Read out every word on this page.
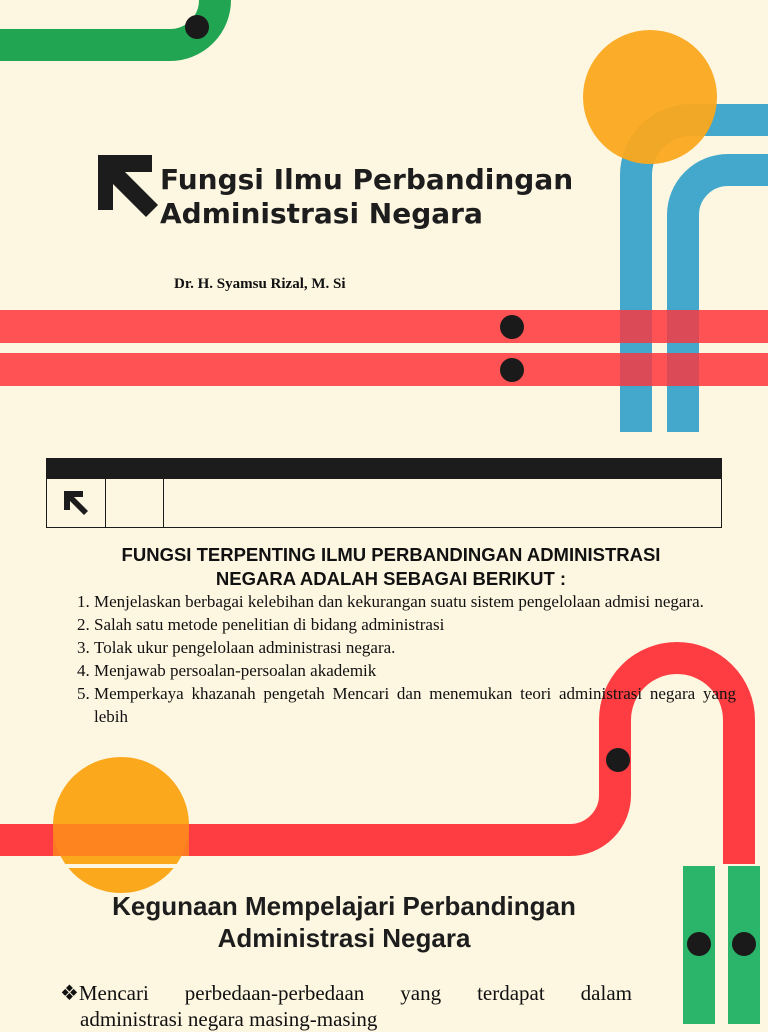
Fungsi Ilmu Perbandingan
Administrasi Negara
Dr. H. Syamsu Rizal, M. Si
FUNGSI TERPENTING ILMU PERBANDINGAN ADMINISTRASI
NEGARA ADALAH SEBAGAI BERIKUT :
1. Menjelaskan berbagai kelebihan dan kekurangan suatu sistem pengelolaan admisi negara.
2. Salah satu metode penelitian di bidang administrasi
3. Tolak ukur pengelolaan administrasi negara.
4. Menjawab persoalan-persoalan akademik
5. Memperkaya khazanah pengetah Mencari dan menemukan teori administrasi negara yang lebih
Kegunaan Mempelajari Perbandingan
Administrasi Negara
❖Mencari perbedaan-perbedaan yang terdapat dalam
administrasi negara masing-masing
